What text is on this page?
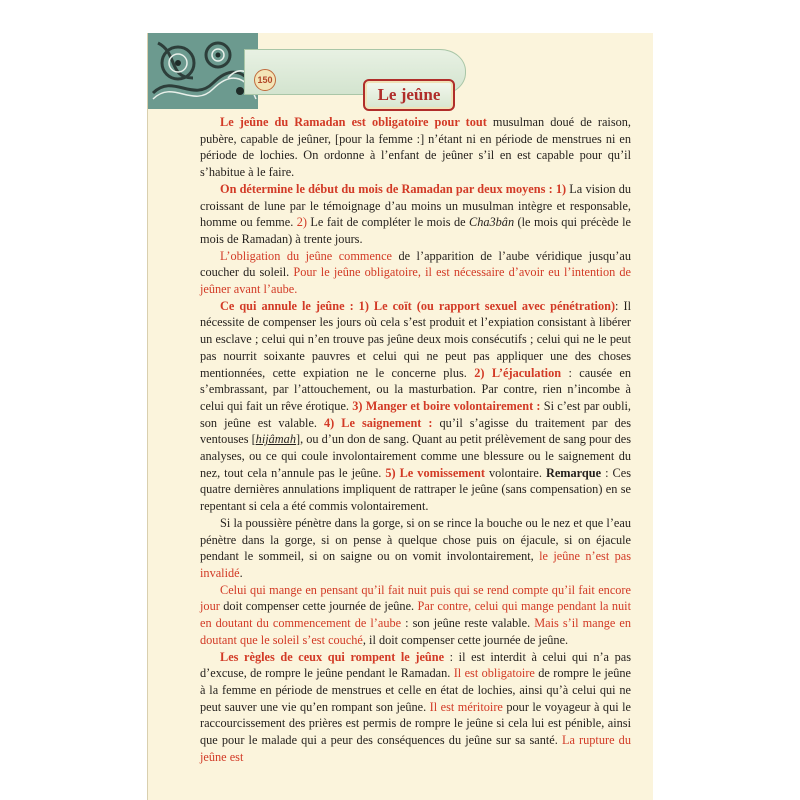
150
Le jeûne

Le jeûne du Ramadan est obligatoire pour tout musulman doué de raison, pubère, capable de jeûner, [pour la femme :] n’étant ni en période de menstrues ni en période de lochies. On ordonne à l’enfant de jeûner s’il en est capable pour qu’il s’habitue à le faire.

On détermine le début du mois de Ramadan par deux moyens : 1) La vision du croissant de lune par le témoignage d’au moins un musulman intègre et responsable, homme ou femme. 2) Le fait de compléter le mois de Cha3bân (le mois qui précède le mois de Ramadan) à trente jours.

L’obligation du jeûne commence de l’apparition de l’aube véridique jusqu’au coucher du soleil. Pour le jeûne obligatoire, il est nécessaire d’avoir eu l’intention de jeûner avant l’aube.

Ce qui annule le jeûne : 1) Le coït (ou rapport sexuel avec pénétration): Il nécessite de compenser les jours où cela s’est produit et l’expiation consistant à libérer un esclave ; celui qui n’en trouve pas jeûne deux mois consécutifs ; celui qui ne le peut pas nourrit soixante pauvres et celui qui ne peut pas appliquer une des choses mentionnées, cette expiation ne le concerne plus. 2) L’éjaculation : causée en s’embrassant, par l’attouchement, ou la masturbation. Par contre, rien n’incombe à celui qui fait un rêve érotique. 3) Manger et boire volontairement : Si c’est par oubli, son jeûne est valable. 4) Le saignement : qu’il s’agisse du traitement par des ventouses [hijâmah], ou d’un don de sang. Quant au petit prélèvement de sang pour des analyses, ou ce qui coule involontairement comme une blessure ou le saignement du nez, tout cela n’annule pas le jeûne. 5) Le vomissement volontaire. Remarque : Ces quatre dernières annulations impliquent de rattraper le jeûne (sans compensation) en se repentant si cela a été commis volontairement.

Si la poussière pénètre dans la gorge, si on se rince la bouche ou le nez et que l’eau pénètre dans la gorge, si on pense à quelque chose puis on éjacule, si on éjacule pendant le sommeil, si on saigne ou on vomit involontairement, le jeûne n’est pas invalidé.

Celui qui mange en pensant qu’il fait nuit puis qui se rend compte qu’il fait encore jour doit compenser cette journée de jeûne. Par contre, celui qui mange pendant la nuit en doutant du commencement de l’aube : son jeûne reste valable. Mais s’il mange en doutant que le soleil s’est couché, il doit compenser cette journée de jeûne.

Les règles de ceux qui rompent le jeûne : il est interdit à celui qui n’a pas d’excuse, de rompre le jeûne pendant le Ramadan. Il est obligatoire de rompre le jeûne à la femme en période de menstrues et celle en état de lochies, ainsi qu’à celui qui ne peut sauver une vie qu’en rompant son jeûne. Il est méritoire pour le voyageur à qui le raccourcissement des prières est permis de rompre le jeûne si cela lui est pénible, ainsi que pour le malade qui a peur des conséquences du jeûne sur sa santé. La rupture du jeûne est
